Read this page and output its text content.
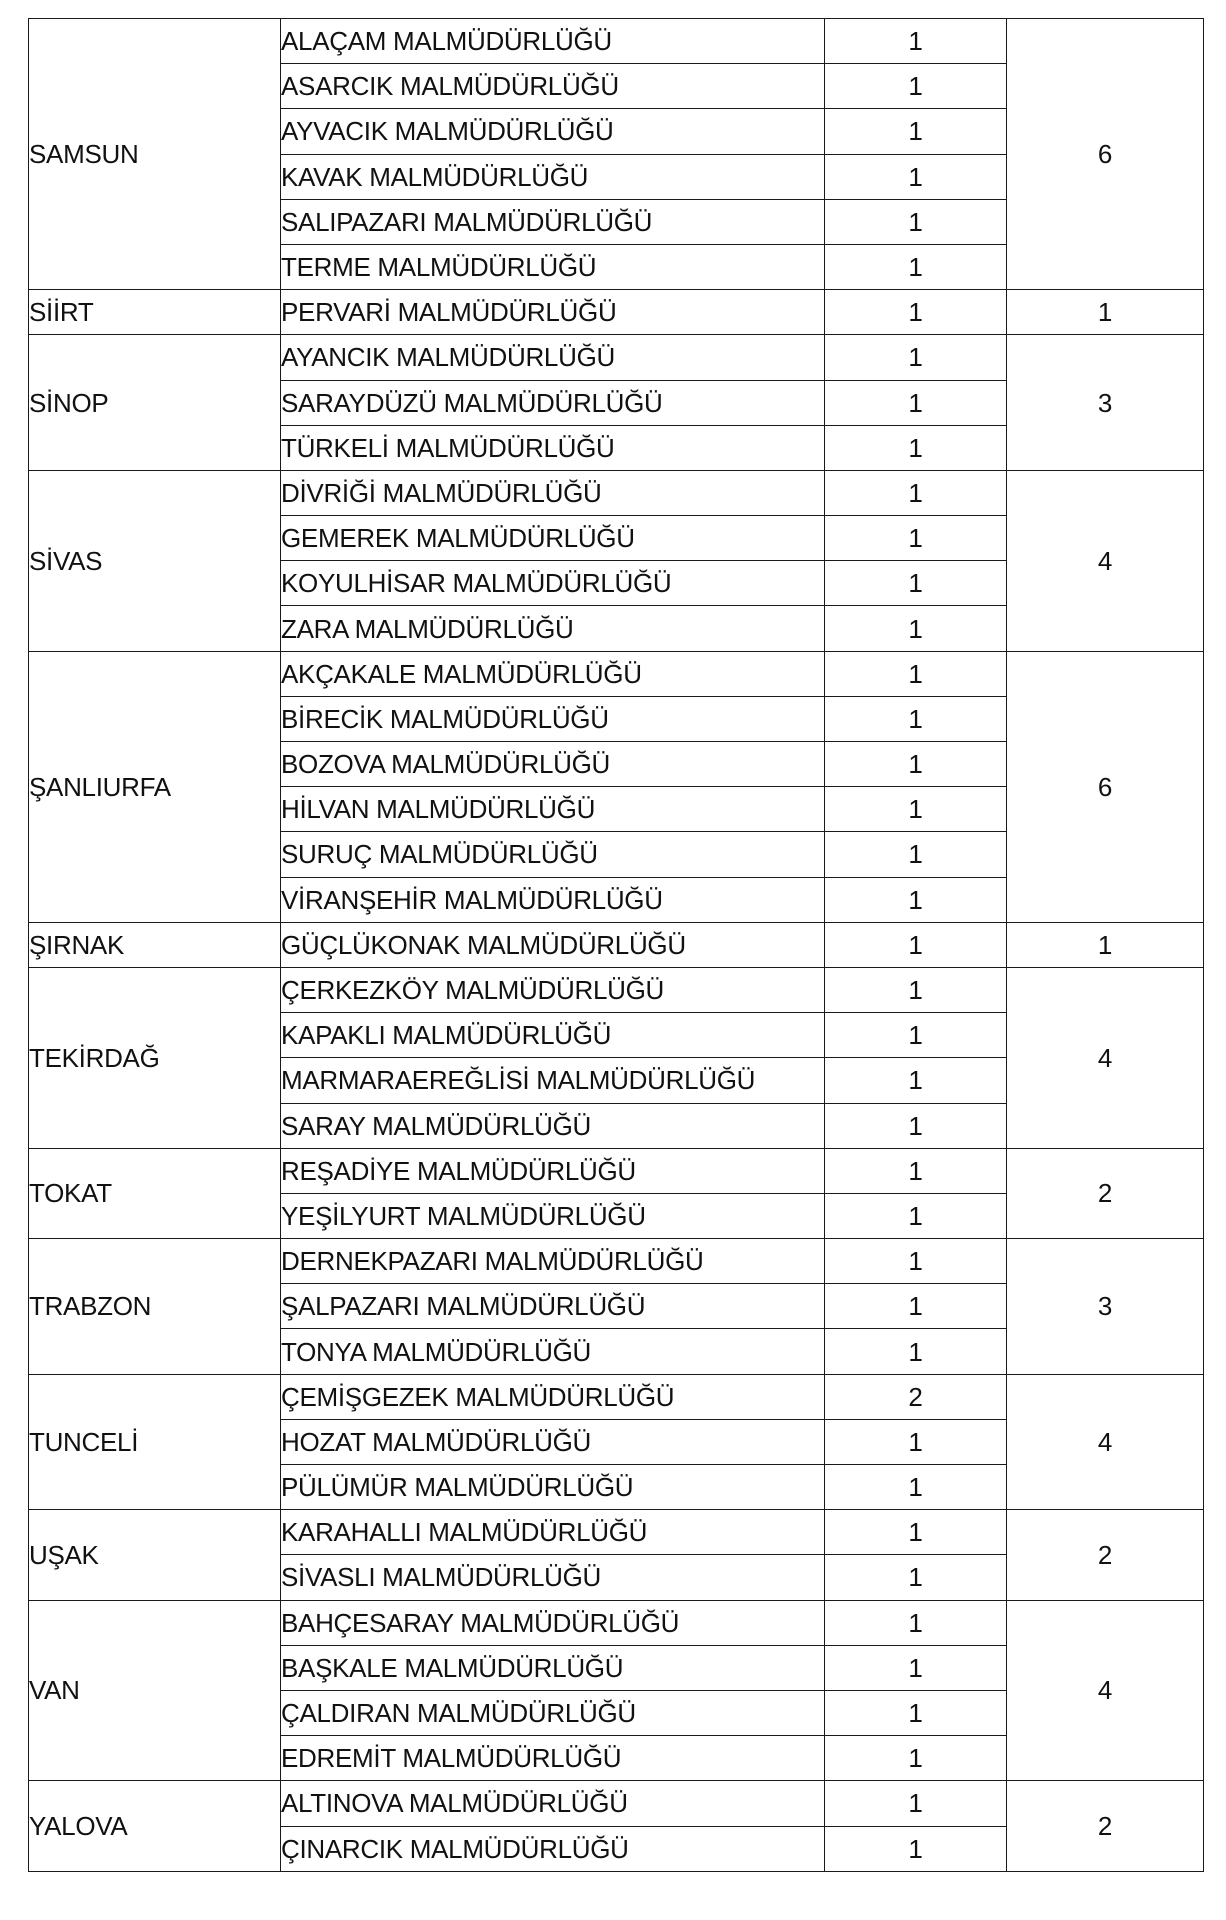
SAMSUN	ALAÇAM MALMÜDÜRLÜĞÜ	1	6
	ASARCIK MALMÜDÜRLÜĞÜ	1	
	AYVACIK MALMÜDÜRLÜĞÜ	1	
	KAVAK MALMÜDÜRLÜĞÜ	1	
	SALIPAZARI MALMÜDÜRLÜĞÜ	1	
	TERME MALMÜDÜRLÜĞÜ	1	
SİİRT	PERVARİ MALMÜDÜRLÜĞÜ	1	1
SİNOP	AYANCIK MALMÜDÜRLÜĞÜ	1	3
	SARAYDÜZÜ MALMÜDÜRLÜĞÜ	1	
	TÜRKELİ MALMÜDÜRLÜĞÜ	1	
SİVAS	DİVRİĞİ MALMÜDÜRLÜĞÜ	1	4
	GEMEREK MALMÜDÜRLÜĞÜ	1	
	KOYULHİSAR MALMÜDÜRLÜĞÜ	1	
	ZARA MALMÜDÜRLÜĞÜ	1	
ŞANLIURFA	AKÇAKALE MALMÜDÜRLÜĞÜ	1	6
	BİRECİK MALMÜDÜRLÜĞÜ	1	
	BOZOVA MALMÜDÜRLÜĞÜ	1	
	HİLVAN MALMÜDÜRLÜĞÜ	1	
	SURUÇ MALMÜDÜRLÜĞÜ	1	
	VİRANŞEHİR MALMÜDÜRLÜĞÜ	1	
ŞIRNAK	GÜÇLÜKONAK MALMÜDÜRLÜĞÜ	1	1
TEKİRDAĞ	ÇERKEZKÖY MALMÜDÜRLÜĞÜ	1	4
	KAPAKLI MALMÜDÜRLÜĞÜ	1	
	MARMARAEREĞLİSİ MALMÜDÜRLÜĞÜ	1	
	SARAY MALMÜDÜRLÜĞÜ	1	
TOKAT	REŞADİYE MALMÜDÜRLÜĞÜ	1	2
	YEŞİLYURT MALMÜDÜRLÜĞÜ	1	
TRABZON	DERNEKPAZARI MALMÜDÜRLÜĞÜ	1	3
	ŞALPAZARI MALMÜDÜRLÜĞÜ	1	
	TONYA MALMÜDÜRLÜĞÜ	1	
TUNCELİ	ÇEMİŞGEZEK MALMÜDÜRLÜĞÜ	2	4
	HOZAT MALMÜDÜRLÜĞÜ	1	
	PÜLÜMÜR MALMÜDÜRLÜĞÜ	1	
UŞAK	KARAHALLI MALMÜDÜRLÜĞÜ	1	2
	SİVASLI MALMÜDÜRLÜĞÜ	1	
VAN	BAHÇESARAY MALMÜDÜRLÜĞÜ	1	4
	BAŞKALE MALMÜDÜRLÜĞÜ	1	
	ÇALDIRAN MALMÜDÜRLÜĞÜ	1	
	EDREMİT MALMÜDÜRLÜĞÜ	1	
YALOVA	ALTINOVA MALMÜDÜRLÜĞÜ	1	2
	ÇINARCIK MALMÜDÜRLÜĞÜ	1	
